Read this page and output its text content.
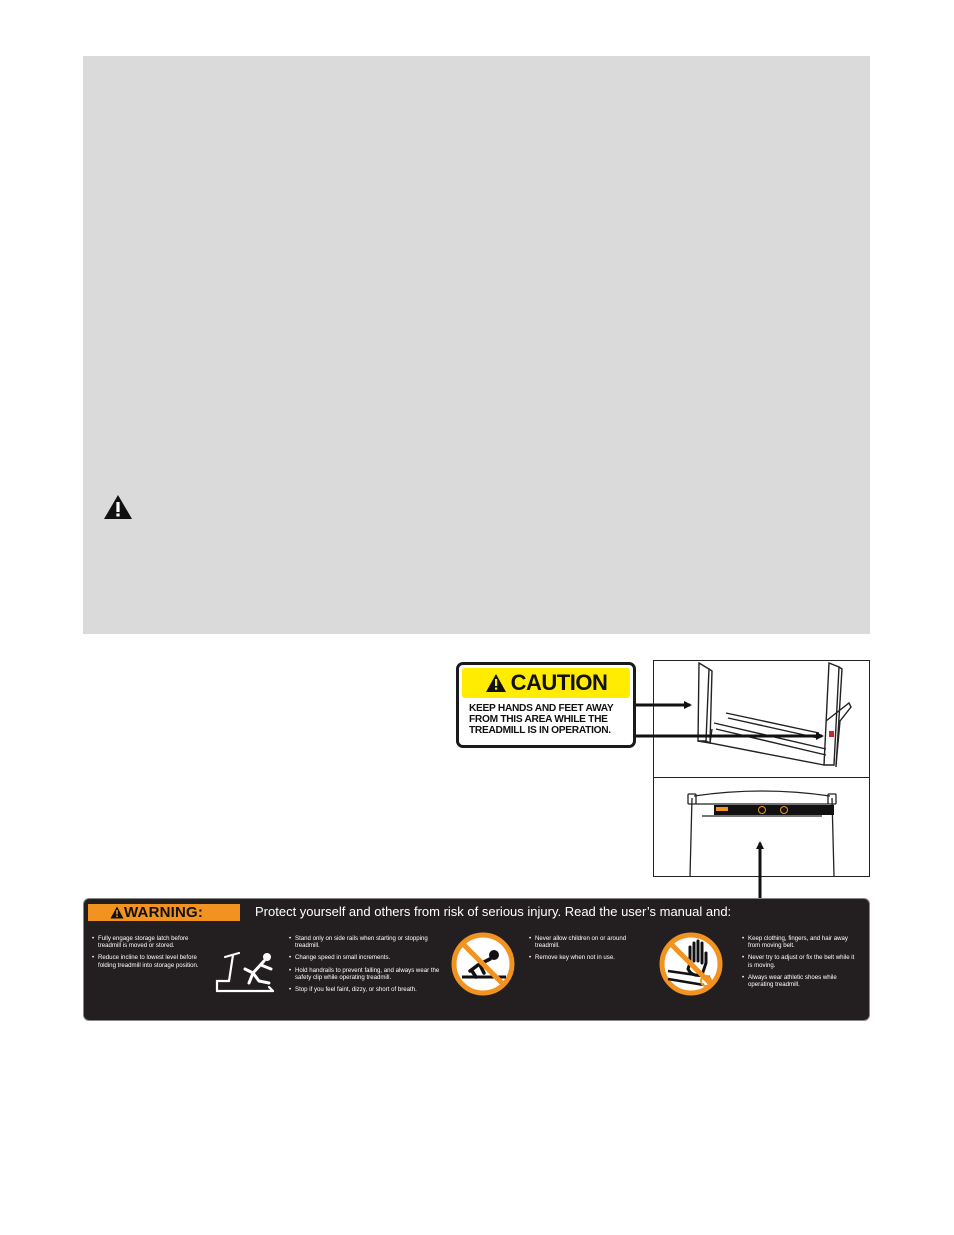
CAUTION
KEEP HANDS AND FEET AWAY FROM THIS AREA WHILE THE TREADMILL IS IN OPERATION.
WARNING:	Protect yourself and others from risk of serious injury. Read the user’s manual and:
• Fully engage storage latch before treadmill is moved or stored.
• Reduce incline to lowest level before folding treadmill into storage position.
• Stand only on side rails when starting or stopping treadmill.
• Change speed in small increments.
• Hold handrails to prevent falling, and always wear the safety clip while operating treadmill.
• Stop if you feel faint, dizzy, or short of breath.
• Never allow children on or around treadmill.
• Remove key when not in use.
• Keep clothing, fingers, and hair away from moving belt.
• Never try to adjust or fix the belt while it is moving.
• Always wear athletic shoes while operating treadmill.
